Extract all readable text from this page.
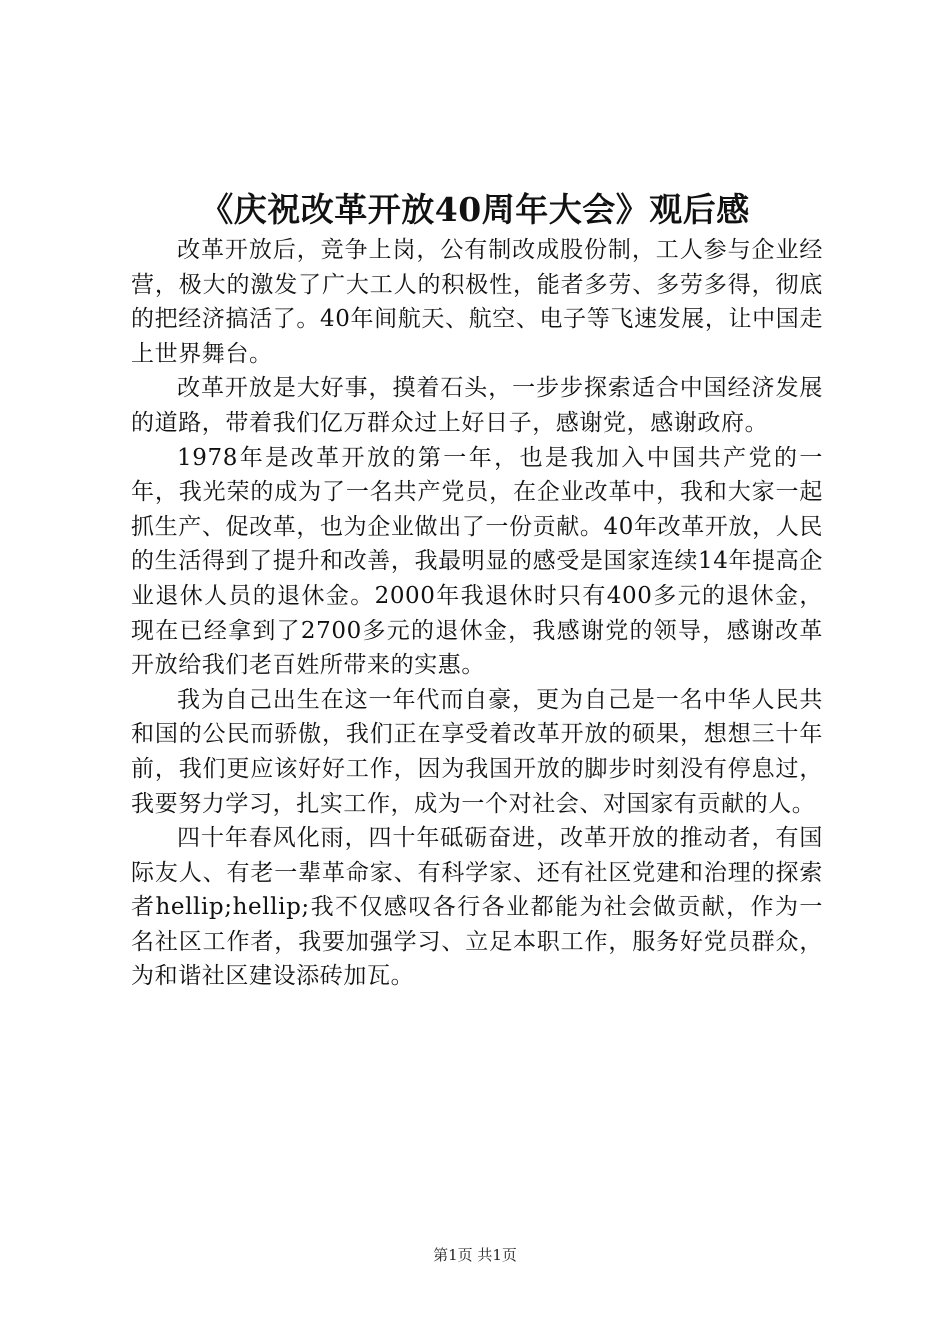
《庆祝改革开放40周年大会》观后感

改革开放后，竞争上岗，公有制改成股份制，工人参与企业经营，极大的激发了广大工人的积极性，能者多劳、多劳多得，彻底的把经济搞活了。40年间航天、航空、电子等飞速发展，让中国走上世界舞台。

改革开放是大好事，摸着石头，一步步探索适合中国经济发展的道路，带着我们亿万群众过上好日子，感谢党，感谢政府。

1978年是改革开放的第一年，也是我加入中国共产党的一年，我光荣的成为了一名共产党员，在企业改革中，我和大家一起抓生产、促改革，也为企业做出了一份贡献。40年改革开放，人民的生活得到了提升和改善，我最明显的感受是国家连续14年提高企业退休人员的退休金。2000年我退休时只有400多元的退休金，现在已经拿到了2700多元的退休金，我感谢党的领导，感谢改革开放给我们老百姓所带来的实惠。

我为自己出生在这一年代而自豪，更为自己是一名中华人民共和国的公民而骄傲，我们正在享受着改革开放的硕果，想想三十年前，我们更应该好好工作，因为我国开放的脚步时刻没有停息过，我要努力学习，扎实工作，成为一个对社会、对国家有贡献的人。

四十年春风化雨，四十年砥砺奋进，改革开放的推动者，有国际友人、有老一辈革命家、有科学家、还有社区党建和治理的探索者hellip;hellip;我不仅感叹各行各业都能为社会做贡献，作为一名社区工作者，我要加强学习、立足本职工作，服务好党员群众，为和谐社区建设添砖加瓦。

第1页 共1页
